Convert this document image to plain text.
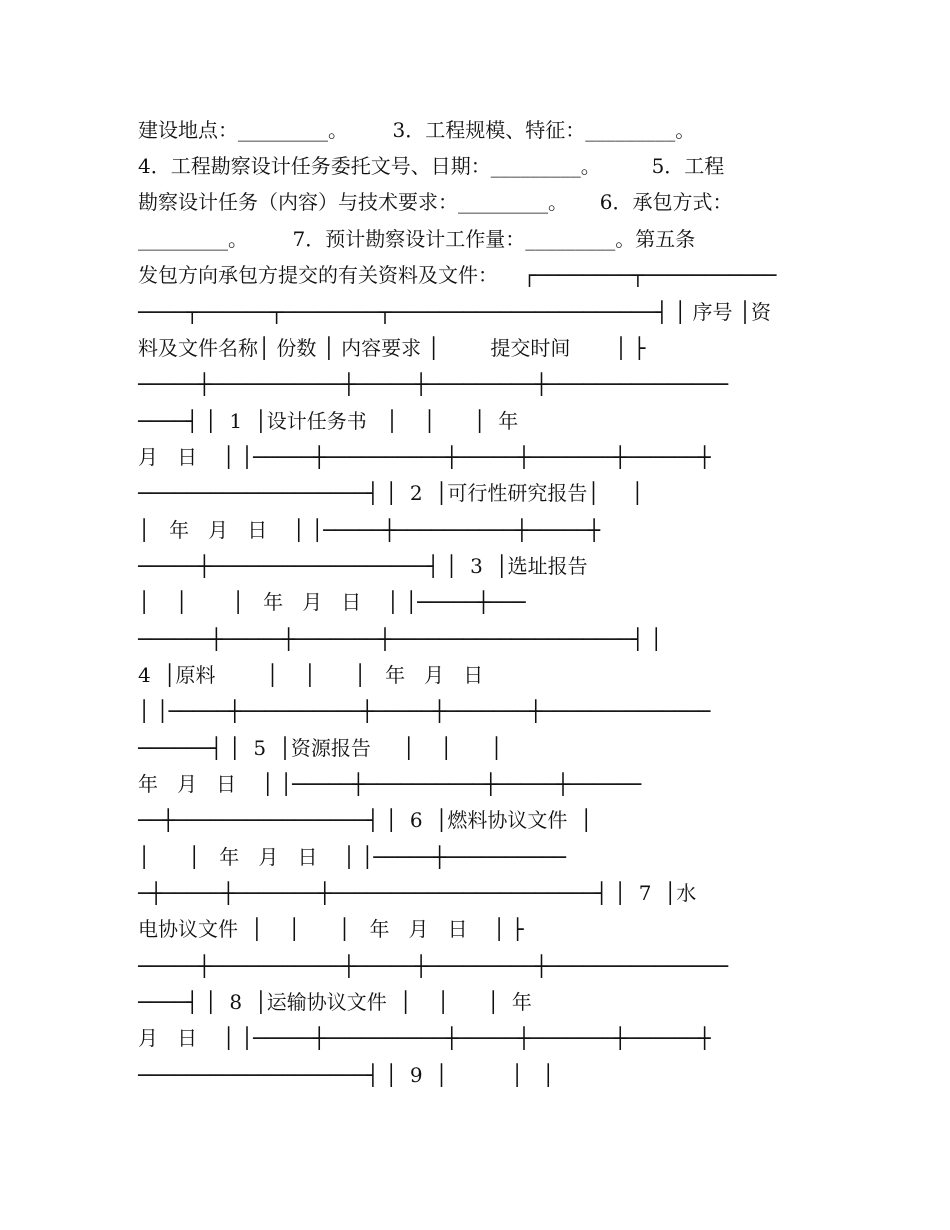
建设地点：_________。       3．工程规模、特征：_________。
4．工程勘察设计任务委托文号、日期：_________。        5．工程
勘察设计任务（内容）与技术要求：_________。     6．承包方式：
_________。       7．预计勘察设计工作量：_________。第五条
发包方向承包方提交的有关资料及文件：    ┌────────┬───────────
────┬──────┬────────┬──────────────────────┤ │ 序号 │资
料及文件名称│ 份数 │ 内容要求 │        提交时间       │ ├
─────┼───────────┼─────┼─────────┼───────────────
────┤ │  1  │设计任务书   │    │      │  年
月   日    │ │─────┼──────────┼─────┼───────┼──────┼
───────────────────┤ │  2  │可行性研究报告│     │
│   年   月   日    │ │─────┼──────────┼─────┼
─────┼──────────────────┤ │  3  │选址报告
│    │       │   年   月   日    │ │─────┼───
──────┼─────┼───────┼────────────────────┤ │
4  │原料        │    │      │   年   月   日
│ │─────┼──────────┼─────┼───────┼──────────────
──────┤ │  5  │资源报告     │    │      │
年   月   日    │ │─────┼──────────┼─────┼──────
──┼────────────────┤ │  6  │燃料协议文件  │
│      │   年   月   日    │ │─────┼──────────
─┼─────┼───────┼──────────────────────┤ │  7  │水
电协议文件  │    │      │   年   月   日    │ ├
─────┼───────────┼─────┼─────────┼───────────────
────┤ │  8  │运输协议文件  │    │      │  年
月   日    │ │─────┼──────────┼─────┼───────┼──────┼
───────────────────┤ │  9  │          │   │
